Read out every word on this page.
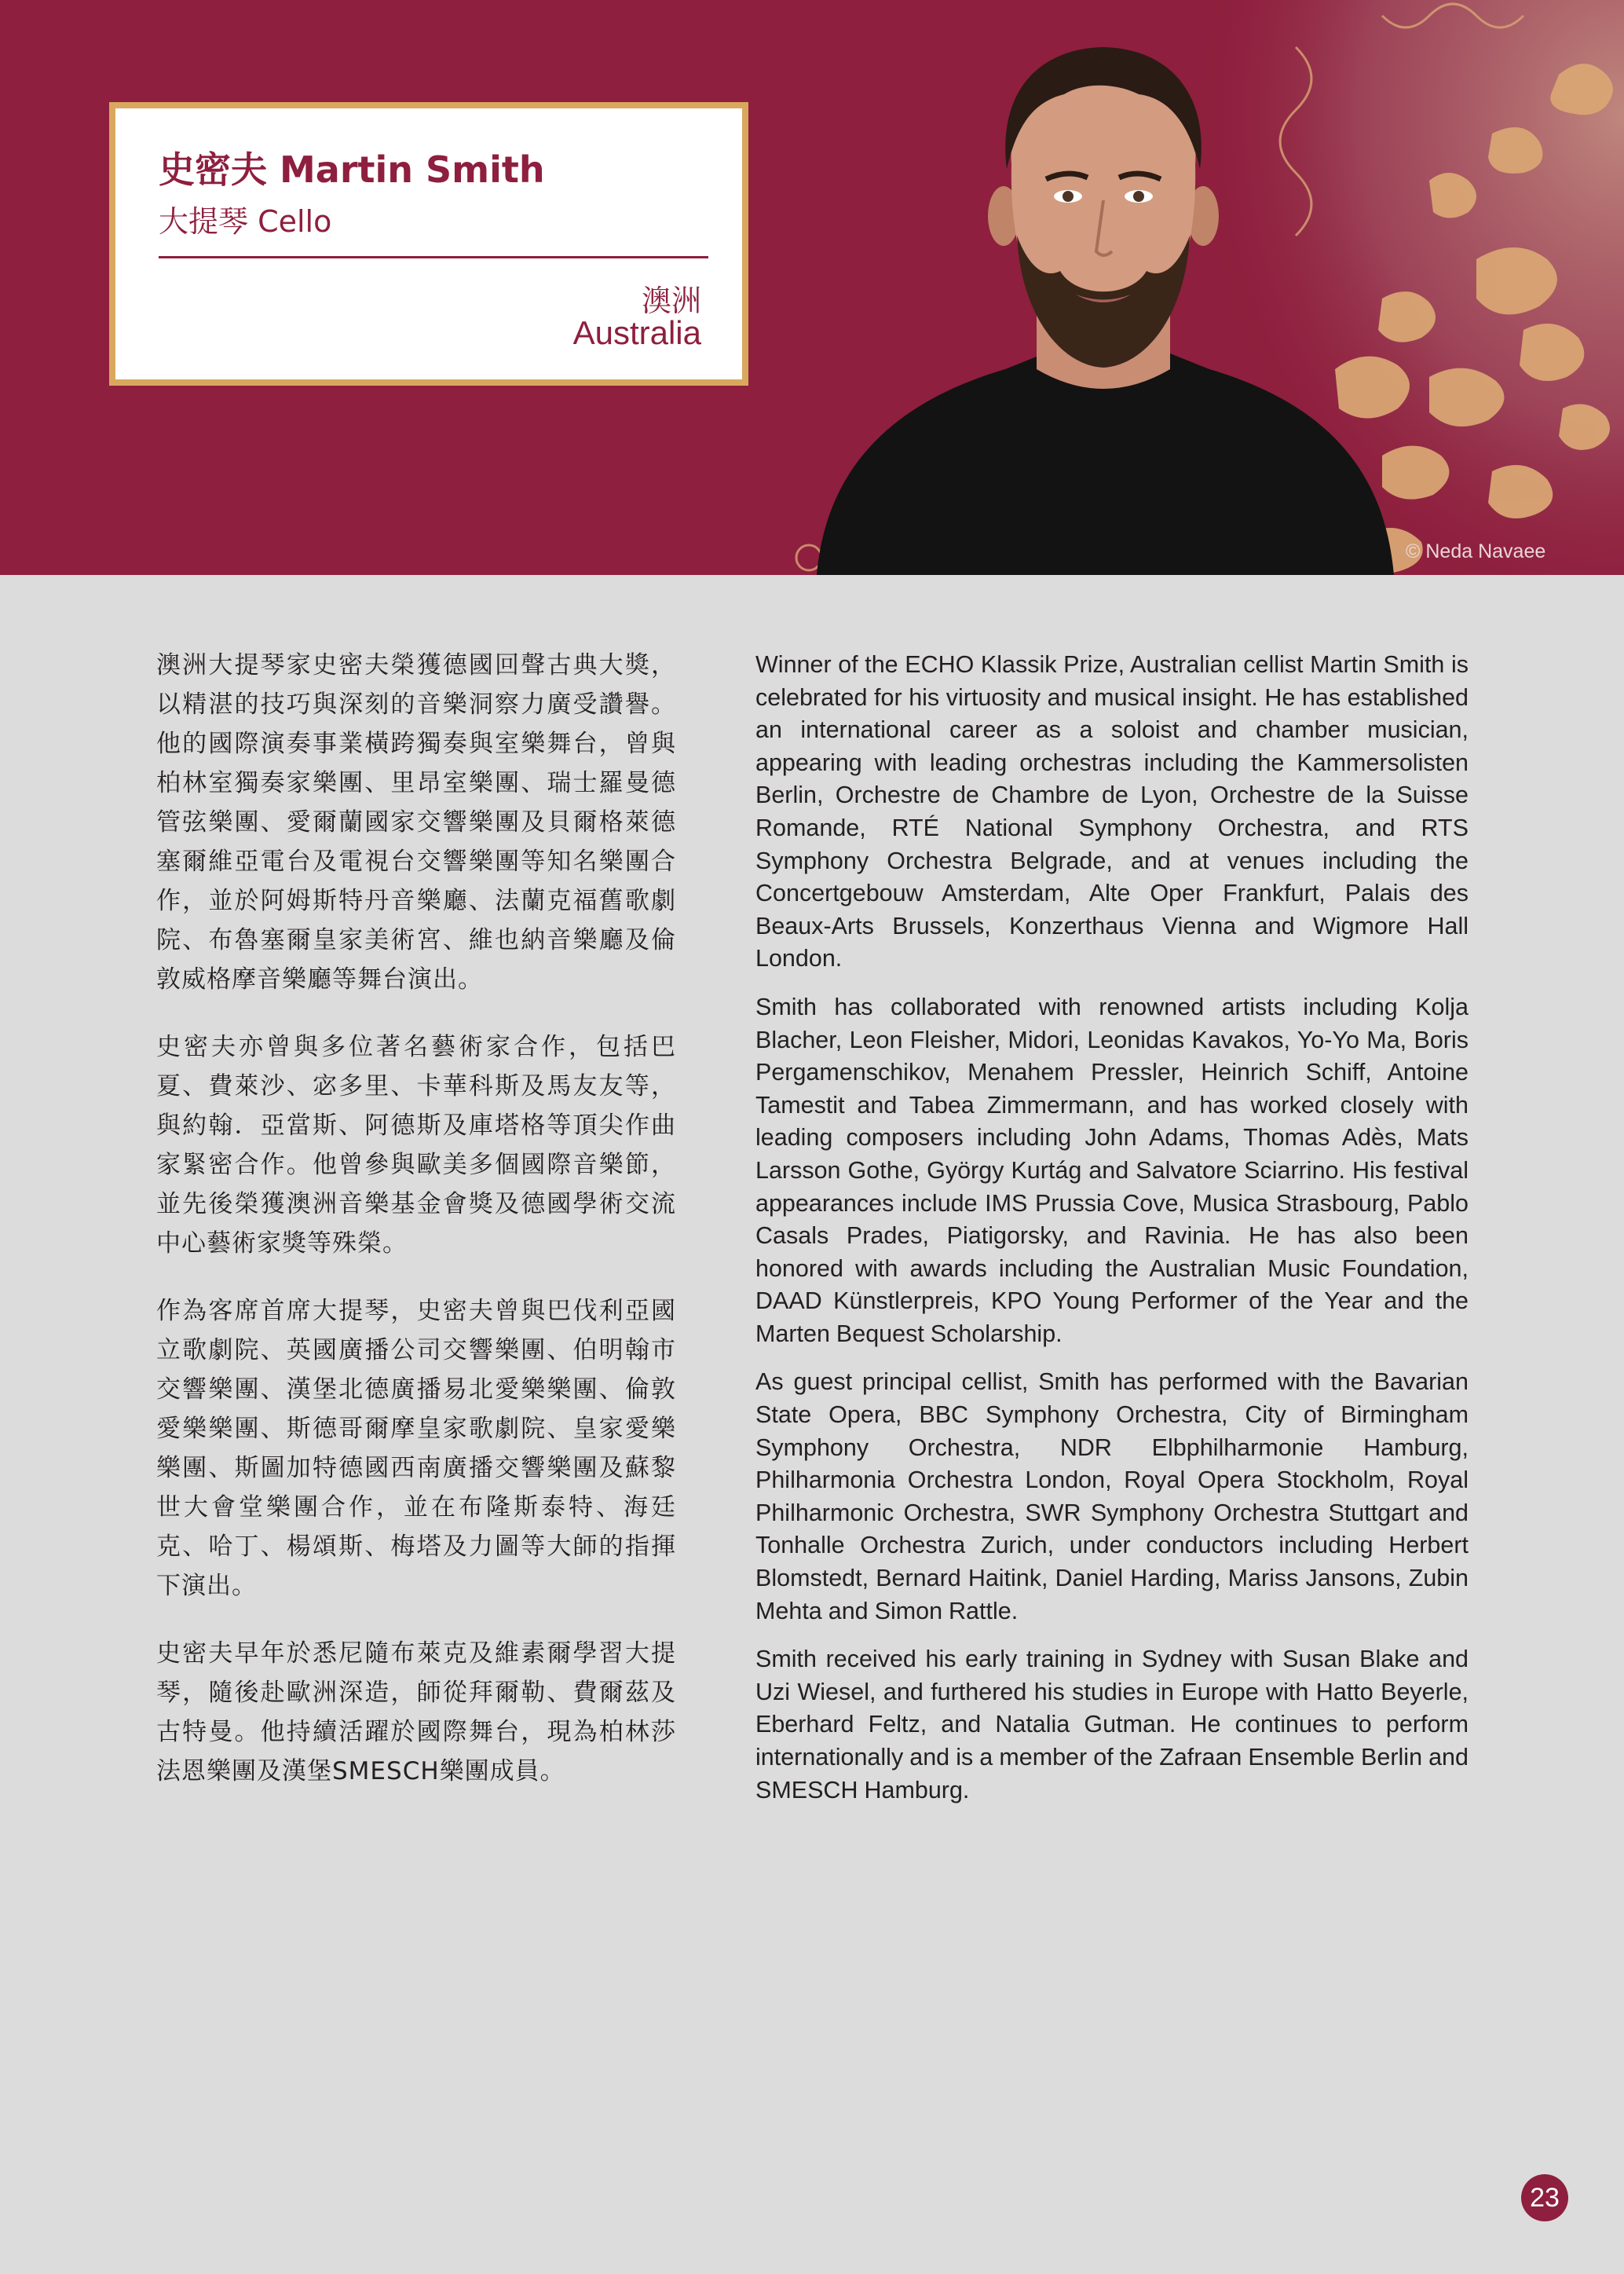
史密夫 Martin Smith
大提琴 Cello
澳洲
Australia
© Neda Navaee

澳洲大提琴家史密夫榮獲德國回聲古典大獎，以精湛的技巧與深刻的音樂洞察力廣受讚譽。他的國際演奏事業橫跨獨奏與室樂舞台，曾與柏林室獨奏家樂團、里昂室樂團、瑞士羅曼德管弦樂團、愛爾蘭國家交響樂團及貝爾格萊德塞爾維亞電台及電視台交響樂團等知名樂團合作，並於阿姆斯特丹音樂廳、法蘭克福舊歌劇院、布魯塞爾皇家美術宮、維也納音樂廳及倫敦威格摩音樂廳等舞台演出。

史密夫亦曾與多位著名藝術家合作，包括巴夏、費萊沙、宓多里、卡華科斯及馬友友等，與約翰．亞當斯、阿德斯及庫塔格等頂尖作曲家緊密合作。他曾參與歐美多個國際音樂節，並先後榮獲澳洲音樂基金會獎及德國學術交流中心藝術家獎等殊榮。

作為客席首席大提琴，史密夫曾與巴伐利亞國立歌劇院、英國廣播公司交響樂團、伯明翰市交響樂團、漢堡北德廣播易北愛樂樂團、倫敦愛樂樂團、斯德哥爾摩皇家歌劇院、皇家愛樂樂團、斯圖加特德國西南廣播交響樂團及蘇黎世大會堂樂團合作，並在布隆斯泰特、海廷克、哈丁、楊頌斯、梅塔及力圖等大師的指揮下演出。

史密夫早年於悉尼隨布萊克及維素爾學習大提琴，隨後赴歐洲深造，師從拜爾勒、費爾茲及古特曼。他持續活躍於國際舞台，現為柏林莎法恩樂團及漢堡SMESCH樂團成員。

Winner of the ECHO Klassik Prize, Australian cellist Martin Smith is celebrated for his virtuosity and musical insight. He has established an international career as a soloist and chamber musician, appearing with leading orchestras including the Kammersolisten Berlin, Orchestre de Chambre de Lyon, Orchestre de la Suisse Romande, RTÉ National Symphony Orchestra, and RTS Symphony Orchestra Belgrade, and at venues including the Concertgebouw Amsterdam, Alte Oper Frankfurt, Palais des Beaux-Arts Brussels, Konzerthaus Vienna and Wigmore Hall London.

Smith has collaborated with renowned artists including Kolja Blacher, Leon Fleisher, Midori, Leonidas Kavakos, Yo-Yo Ma, Boris Pergamenschikov, Menahem Pressler, Heinrich Schiff, Antoine Tamestit and Tabea Zimmermann, and has worked closely with leading composers including John Adams, Thomas Adès, Mats Larsson Gothe, György Kurtág and Salvatore Sciarrino. His festival appearances include IMS Prussia Cove, Musica Strasbourg, Pablo Casals Prades, Piatigorsky, and Ravinia. He has also been honored with awards including the Australian Music Foundation, DAAD Künstlerpreis, KPO Young Performer of the Year and the Marten Bequest Scholarship.

As guest principal cellist, Smith has performed with the Bavarian State Opera, BBC Symphony Orchestra, City of Birmingham Symphony Orchestra, NDR Elbphilharmonie Hamburg, Philharmonia Orchestra London, Royal Opera Stockholm, Royal Philharmonic Orchestra, SWR Symphony Orchestra Stuttgart and Tonhalle Orchestra Zurich, under conductors including Herbert Blomstedt, Bernard Haitink, Daniel Harding, Mariss Jansons, Zubin Mehta and Simon Rattle.

Smith received his early training in Sydney with Susan Blake and Uzi Wiesel, and furthered his studies in Europe with Hatto Beyerle, Eberhard Feltz, and Natalia Gutman. He continues to perform internationally and is a member of the Zafraan Ensemble Berlin and SMESCH Hamburg.

23
